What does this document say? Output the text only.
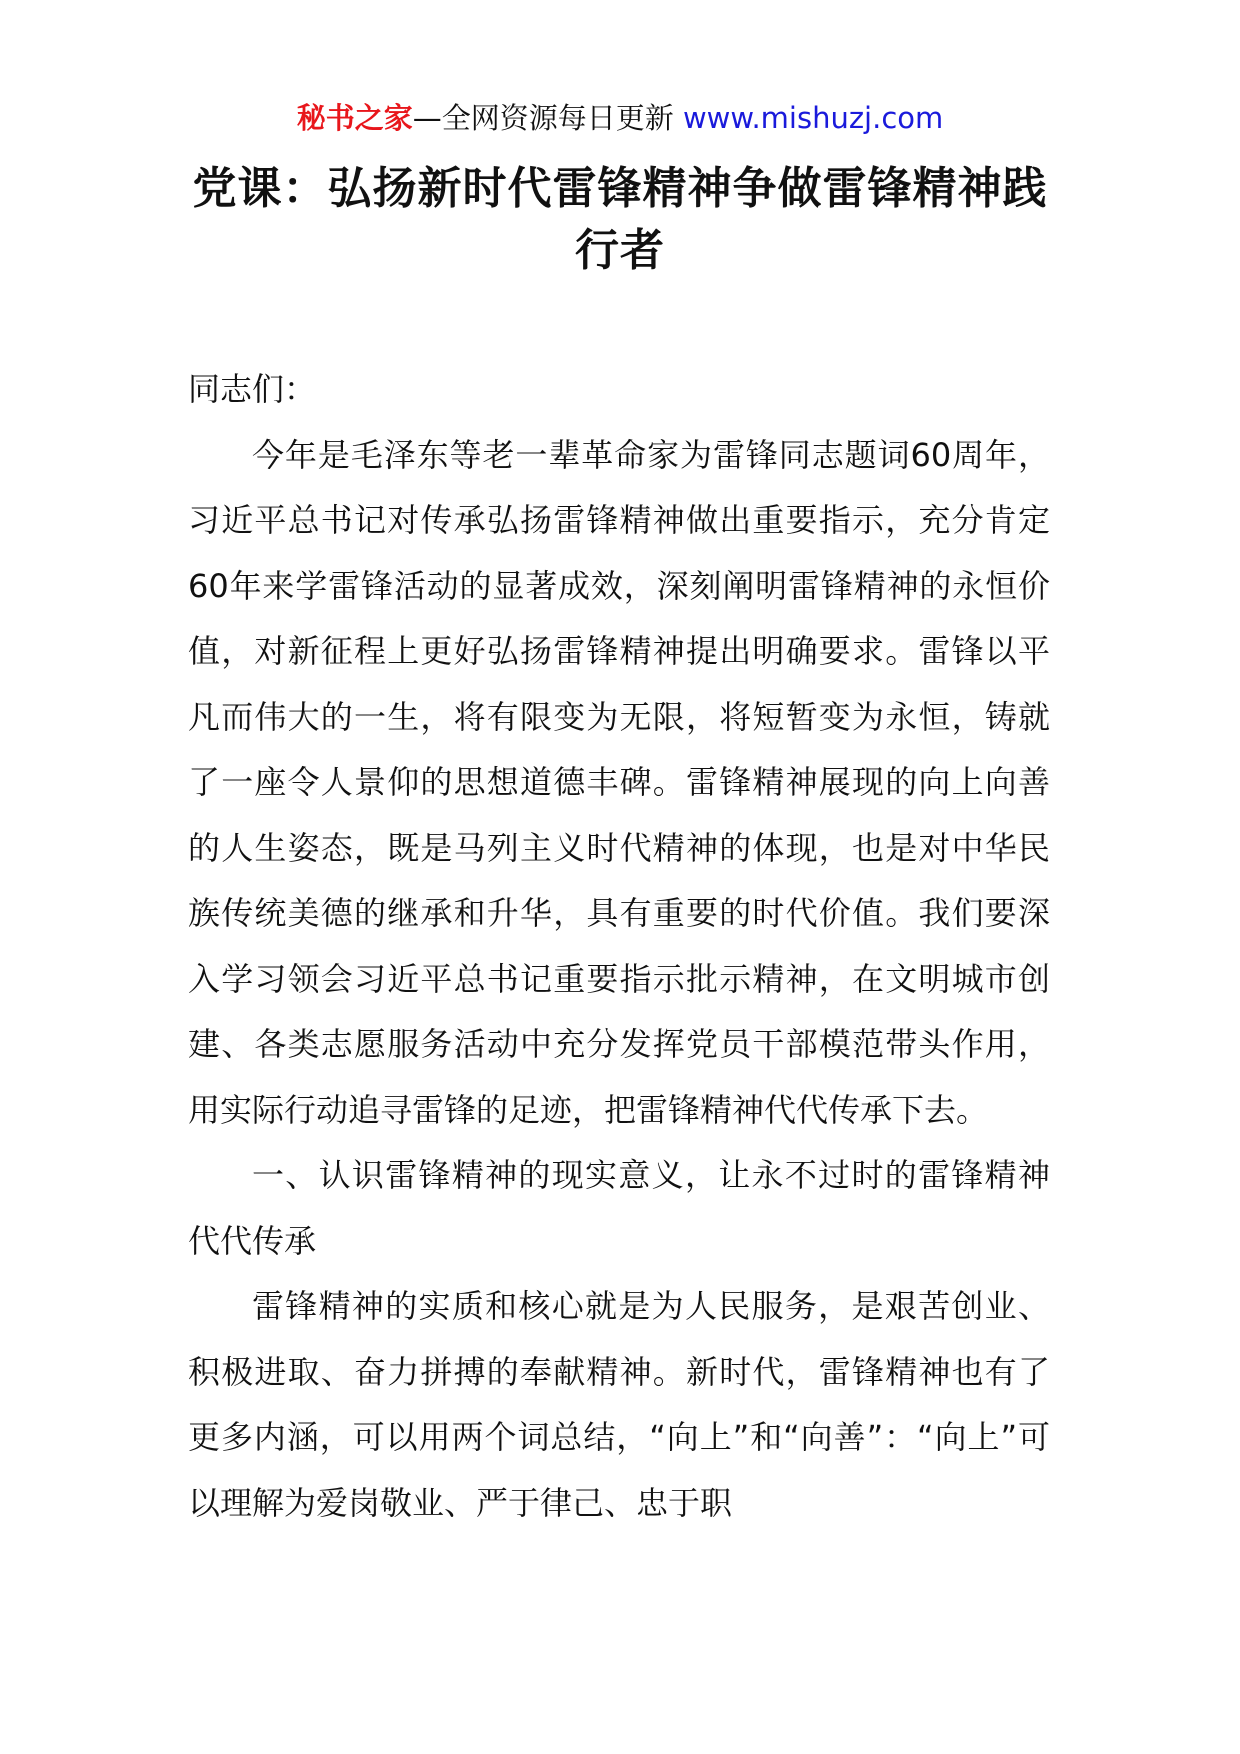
秘书之家—全网资源每日更新 www.mishuzj.com
党课：弘扬新时代雷锋精神争做雷锋精神践行者

同志们：

今年是毛泽东等老一辈革命家为雷锋同志题词60周年，习近平总书记对传承弘扬雷锋精神做出重要指示，充分肯定60年来学雷锋活动的显著成效，深刻阐明雷锋精神的永恒价值，对新征程上更好弘扬雷锋精神提出明确要求。雷锋以平凡而伟大的一生，将有限变为无限，将短暂变为永恒，铸就了一座令人景仰的思想道德丰碑。雷锋精神展现的向上向善的人生姿态，既是马列主义时代精神的体现，也是对中华民族传统美德的继承和升华，具有重要的时代价值。我们要深入学习领会习近平总书记重要指示批示精神，在文明城市创建、各类志愿服务活动中充分发挥党员干部模范带头作用，用实际行动追寻雷锋的足迹，把雷锋精神代代传承下去。

一、认识雷锋精神的现实意义，让永不过时的雷锋精神代代传承

雷锋精神的实质和核心就是为人民服务，是艰苦创业、积极进取、奋力拼搏的奉献精神。新时代，雷锋精神也有了更多内涵，可以用两个词总结，“向上”和“向善”：“向上”可以理解为爱岗敬业、严于律己、忠于职
